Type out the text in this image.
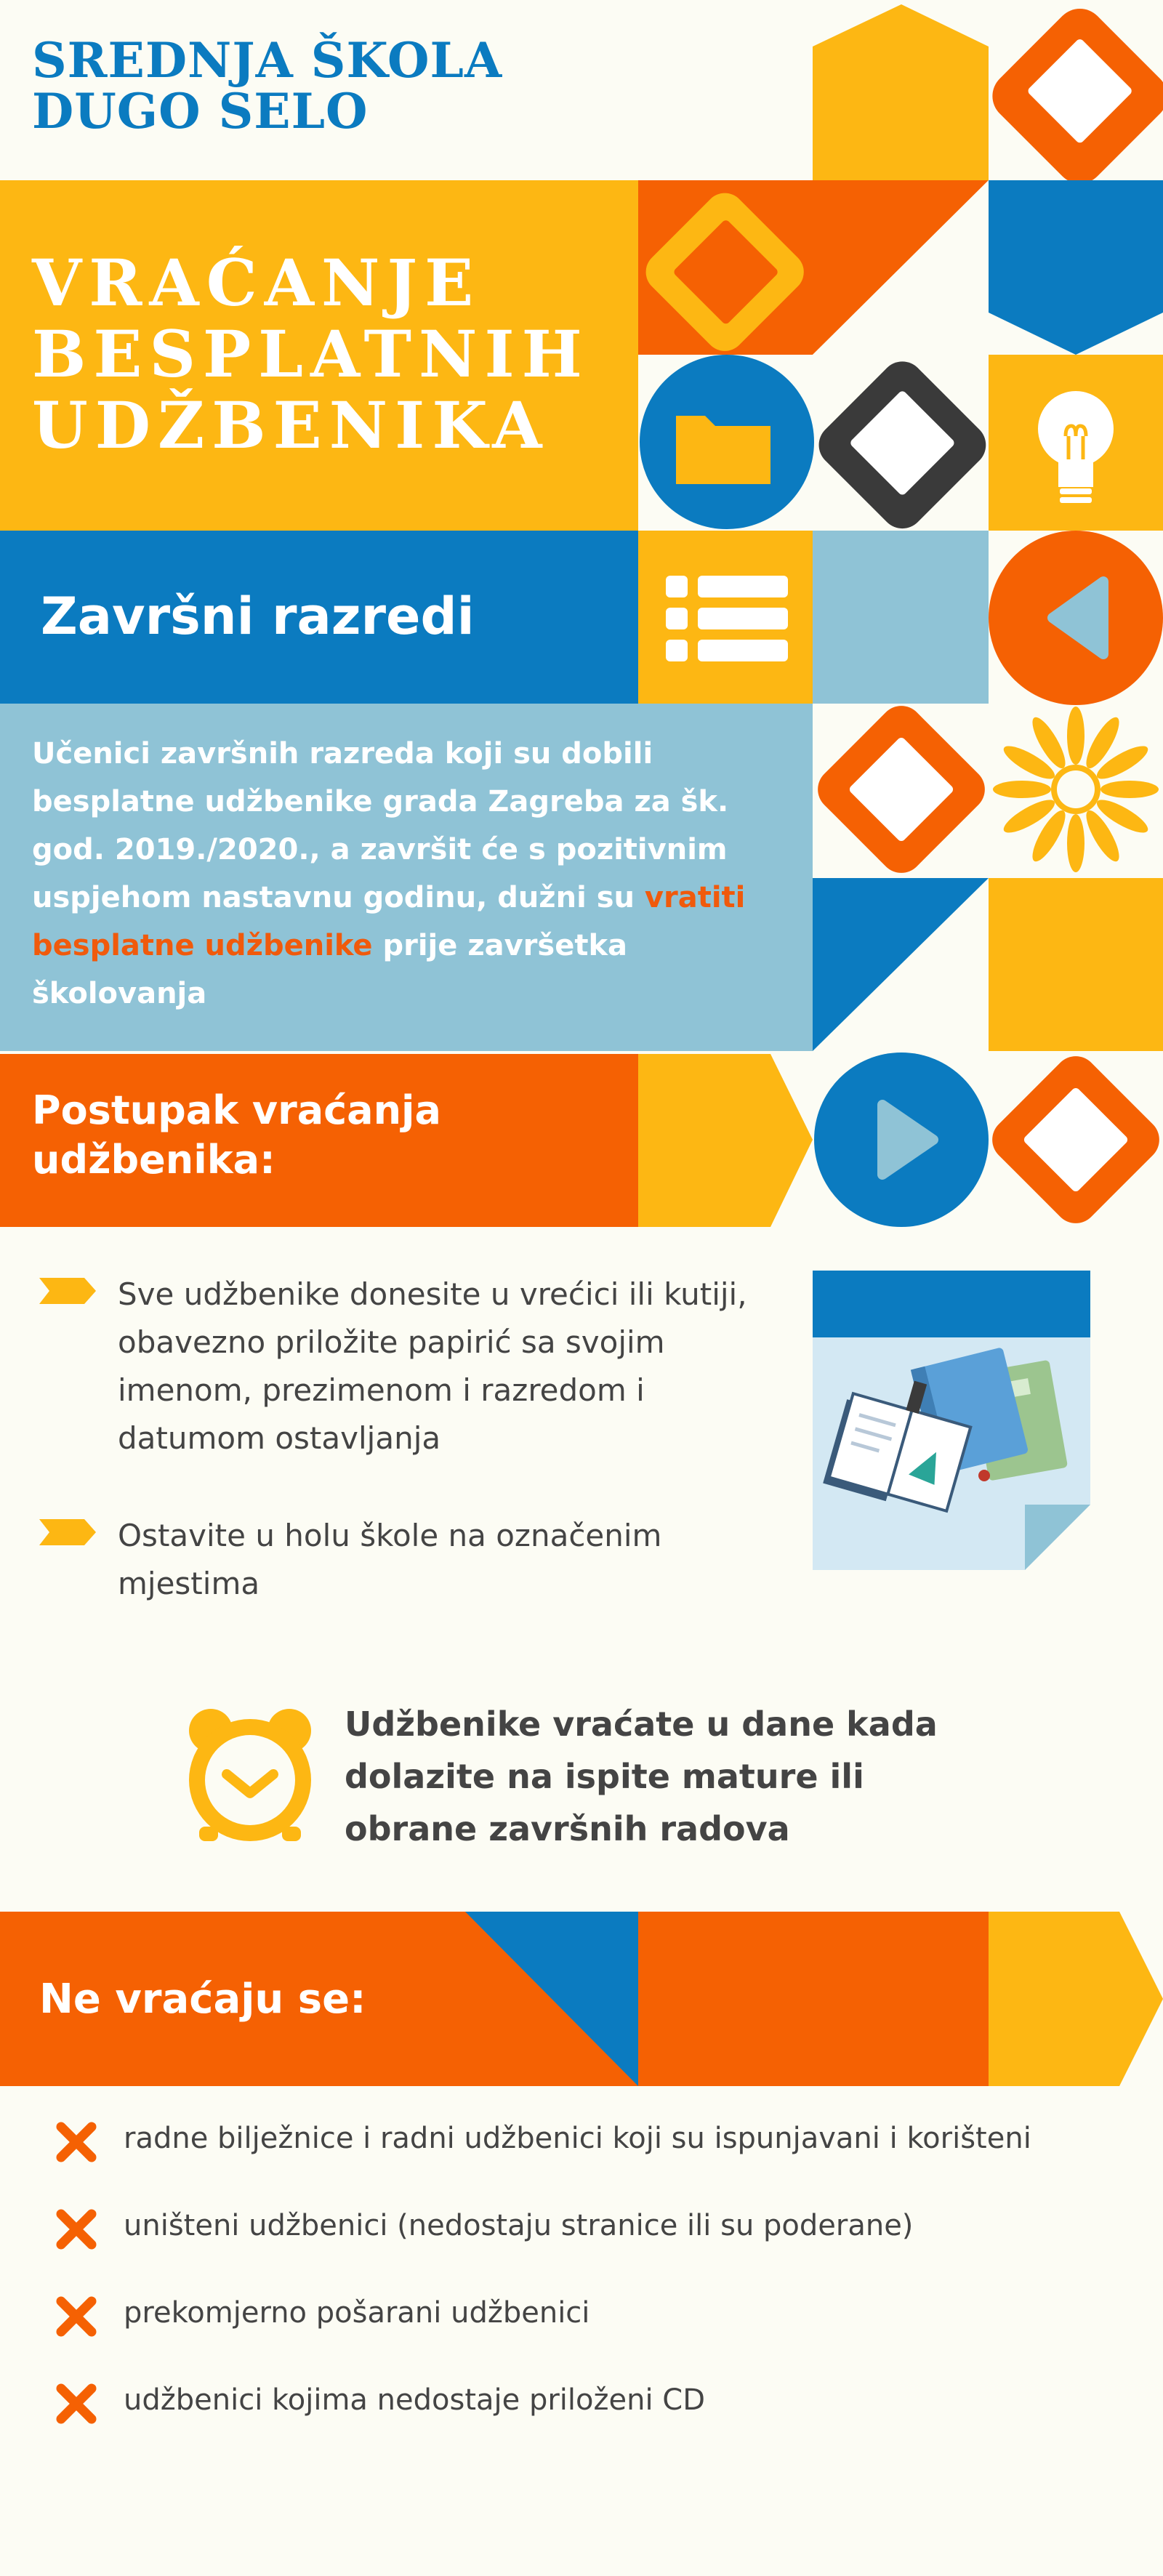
SREDNJA ŠKOLA
DUGO SELO
VRAĆANJE
BESPLATNIH
UDŽBENIKA
Završni razredi
Učenici završnih razreda koji su dobili besplatne udžbenike grada Zagreba za šk. god. 2019./2020., a završit će s pozitivnim uspjehom nastavnu godinu, dužni su vratiti besplatne udžbenike prije završetka školovanja
Postupak vraćanja udžbenika:
Sve udžbenike donesite u vrećici ili kutiji, obavezno priložite papirić sa svojim imenom, prezimenom i razredom i datumom ostavljanja
Ostavite u holu škole na označenim mjestima
Udžbenike vraćate u dane kada dolazite na ispite mature ili obrane završnih radova
Ne vraćaju se:
radne bilježnice i radni udžbenici koji su ispunjavani i korišteni
uništeni udžbenici (nedostaju stranice ili su poderane)
prekomjerno pošarani udžbenici
udžbenici kojima nedostaje priloženi CD
